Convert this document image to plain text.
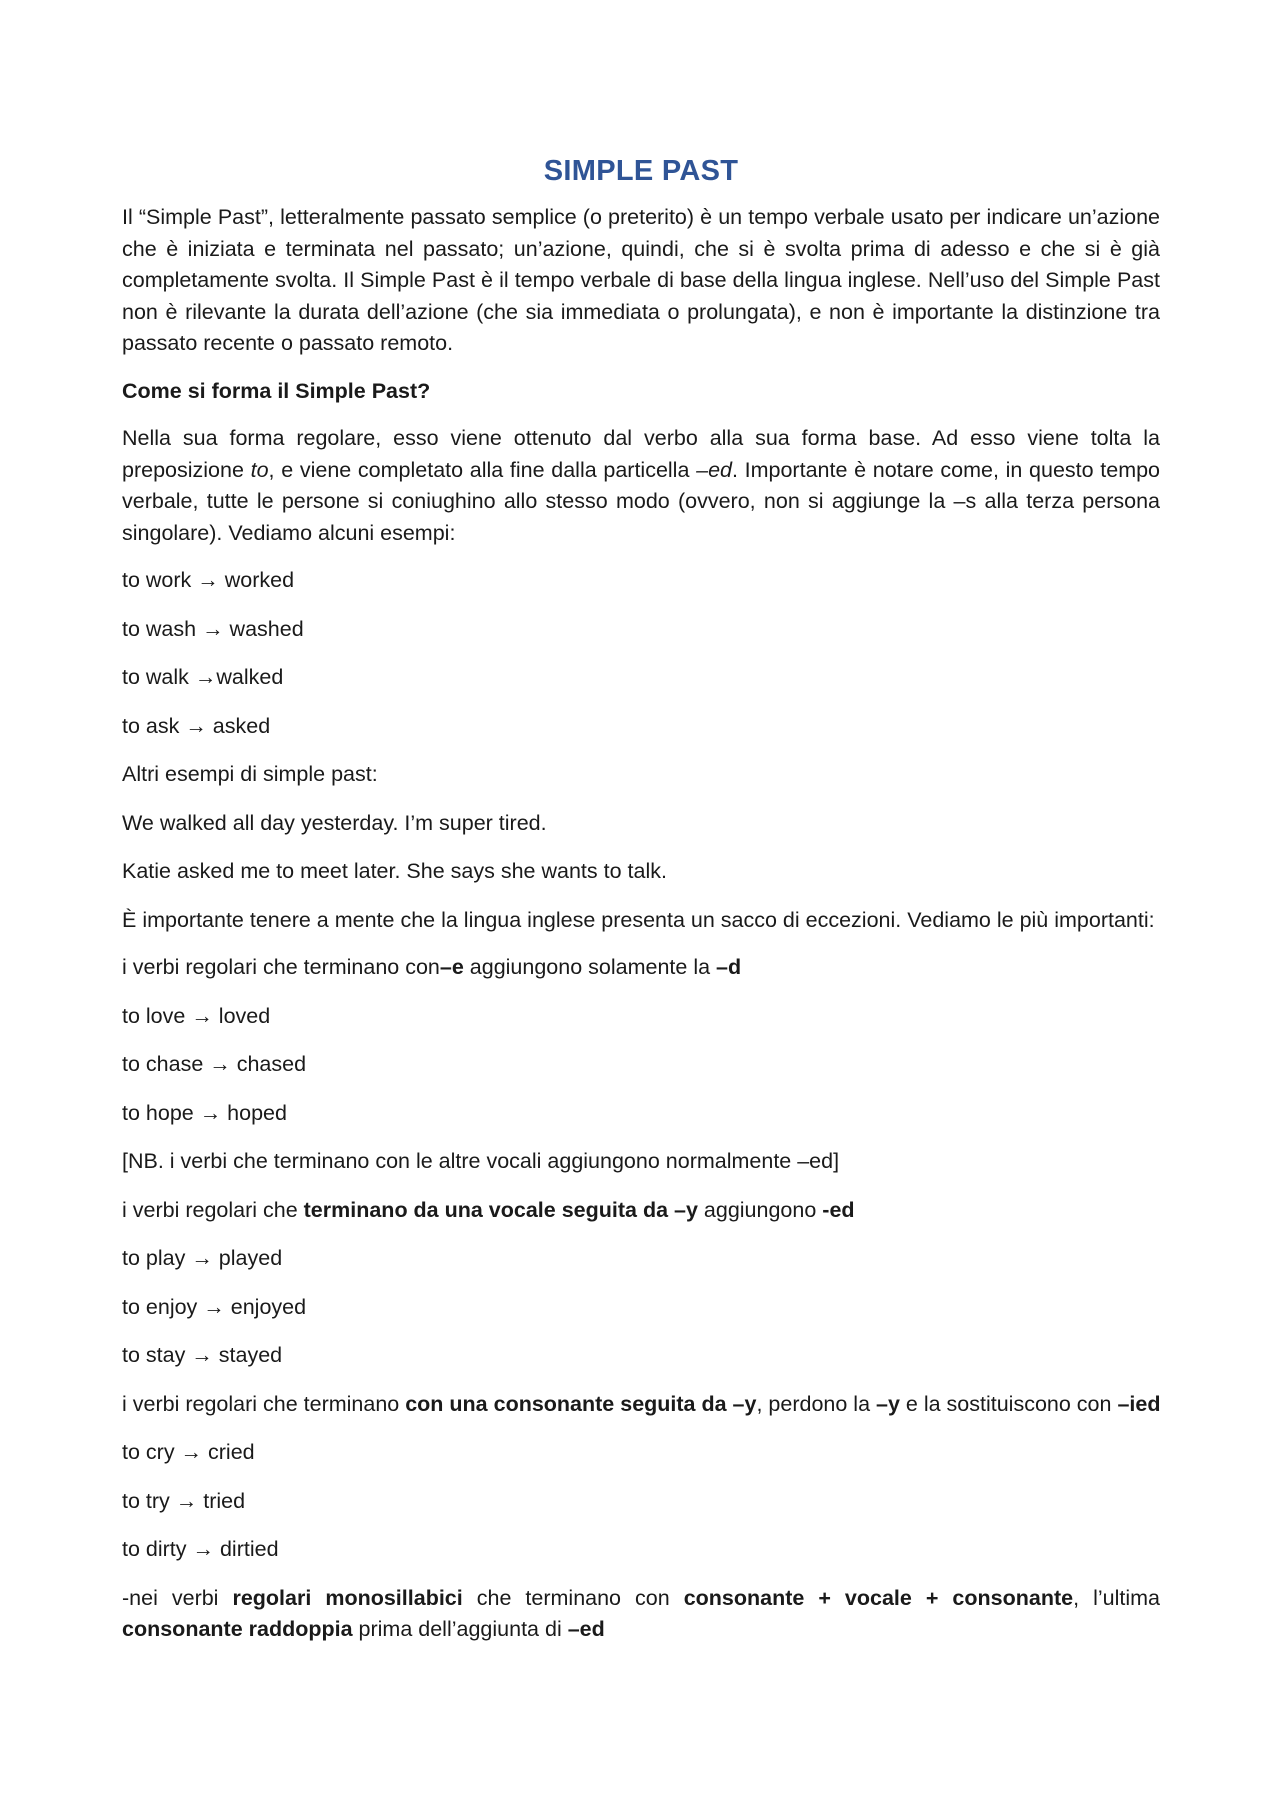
SIMPLE PAST

Il “Simple Past”, letteralmente passato semplice (o preterito) è un tempo verbale usato per indicare un’azione che è iniziata e terminata nel passato; un’azione, quindi, che si è svolta prima di adesso e che si è già completamente svolta. Il Simple Past è il tempo verbale di base della lingua inglese. Nell’uso del Simple Past non è rilevante la durata dell’azione (che sia immediata o prolungata), e non è importante la distinzione tra passato recente o passato remoto.

Come si forma il Simple Past?

Nella sua forma regolare, esso viene ottenuto dal verbo alla sua forma base. Ad esso viene tolta la preposizione to, e viene completato alla fine dalla particella –ed. Importante è notare come, in questo tempo verbale, tutte le persone si coniughino allo stesso modo (ovvero, non si aggiunge la –s alla terza persona singolare). Vediamo alcuni esempi:

to work → worked
to wash → washed
to walk →walked
to ask → asked
Altri esempi di simple past:
We walked all day yesterday. I’m super tired.
Katie asked me to meet later. She says she wants to talk.

È importante tenere a mente che la lingua inglese presenta un sacco di eccezioni. Vediamo le più importanti:

i verbi regolari che terminano con–e aggiungono solamente la –d
to love → loved
to chase → chased
to hope → hoped
[NB. i verbi che terminano con le altre vocali aggiungono normalmente –ed]
i verbi regolari che terminano da una vocale seguita da –y aggiungono -ed
to play → played
to enjoy → enjoyed
to stay → stayed
i verbi regolari che terminano con una consonante seguita da –y, perdono la –y e la sostituiscono con –ied
to cry → cried
to try → tried
to dirty → dirtied

-nei verbi regolari monosillabici che terminano con consonante + vocale + consonante, l’ultima consonante raddoppia prima dell’aggiunta di –ed
